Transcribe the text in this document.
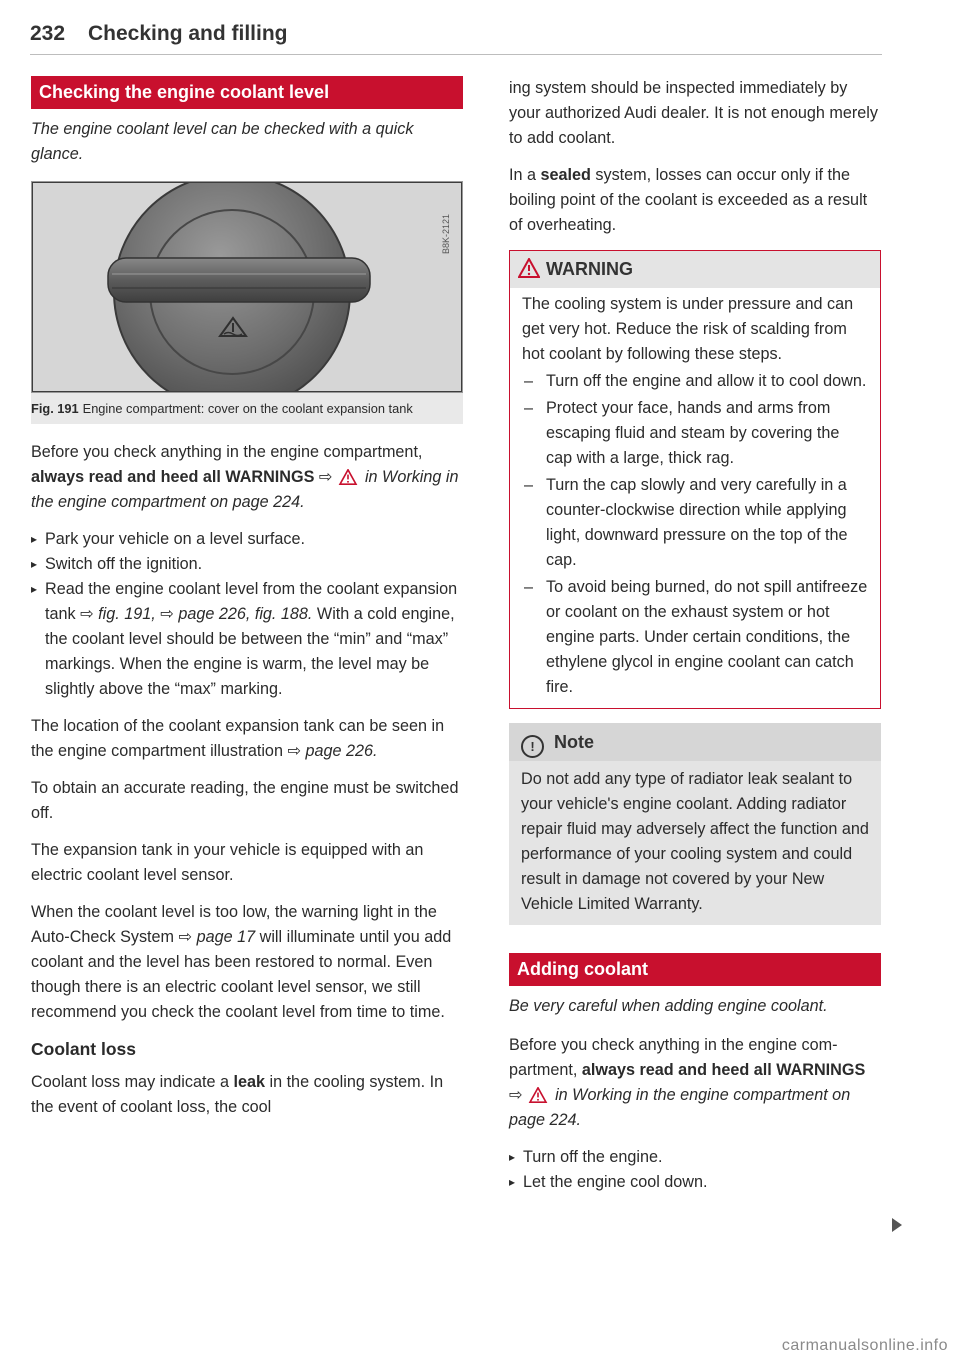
232 Checking and filling
Checking the engine coolant level

The engine coolant level can be checked with a quick glance.

B8K-2121
Fig. 191 Engine compartment: cover on the coolant expansion tank

Before you check anything in the engine compartment, always read and heed all WARNINGS ⇨ in Working in the engine compartment on page 224.

▸ Park your vehicle on a level surface.

▸ Switch off the ignition.

▸ Read the engine coolant level from the coolant expansion tank ⇨ fig. 191, ⇨ page 226, fig. 188. With a cold engine, the coolant level should be between the “min” and “max” markings. When the engine is warm, the level may be slightly above the “max” marking.

The location of the coolant expansion tank can be seen in the engine compartment illustration ⇨ page 226.

To obtain an accurate reading, the engine must be switched off.

The expansion tank in your vehicle is equipped with an electric coolant level sensor.

When the coolant level is too low, the warning light in the Auto-Check System ⇨ page 17 will illuminate until you add coolant and the level has been restored to normal. Even though there is an electric coolant level sensor, we still recommend you check the coolant level from time to time.

Coolant loss

Coolant loss may indicate a leak in the cooling system. In the event of coolant loss, the cool

ing system should be inspected immediately by your authorized Audi dealer. It is not enough merely to add coolant.

In a sealed system, losses can occur only if the boiling point of the coolant is exceeded as a result of overheating.

WARNING

The cooling system is under pressure and can get very hot. Reduce the risk of scalding from hot coolant by following these steps.

– Turn off the engine and allow it to cool down.

– Protect your face, hands and arms from escaping fluid and steam by covering the cap with a large, thick rag.

– Turn the cap slowly and very carefully in a counter-clockwise direction while applying light, downward pressure on the top of the cap.

– To avoid being burned, do not spill antifreeze or coolant on the exhaust system or hot engine parts. Under certain conditions, the ethylene glycol in engine coolant can catch fire.

! Note
Do not add any type of radiator leak sealant to your vehicle's engine coolant. Adding radiator repair fluid may adversely affect the function and performance of your cooling system and could result in damage not covered by your New Vehicle Limited Warranty.
Adding coolant

Be very careful when adding engine coolant.

Before you check anything in the engine compartment, always read and heed all WARNINGS ⇨ in Working in the engine compartment on page 224.

▸ Turn off the engine.

▸ Let the engine cool down.

carmanualsonline.info
